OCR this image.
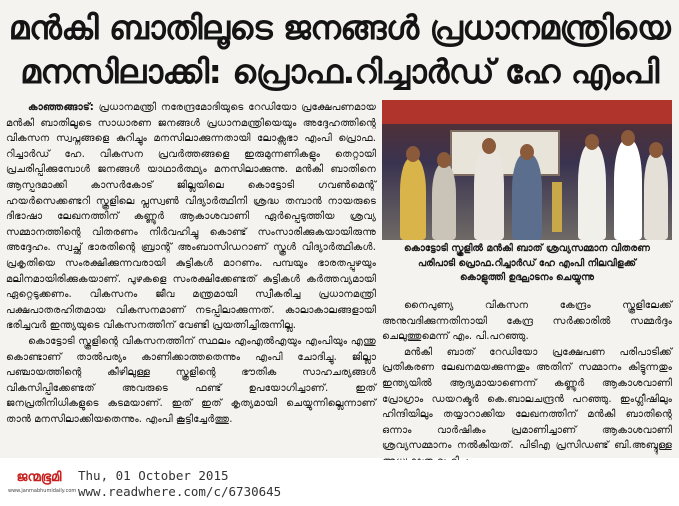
മൻകി ബാതിലൂടെ ജനങ്ങൾ പ്രധാനമന്ത്രിയെ
മനസിലാക്കി: പ്രൊഫ.റിച്ചാർഡ് ഹേ എംപി

കാഞ്ഞങ്ങാട്: പ്രധാനമന്ത്രി നരേന്ദ്രമോദിയുടെ റേഡിയോ പ്രക്ഷേപണമായ മൻകി ബാതിലൂടെ സാധാരണ ജനങ്ങൾ പ്രധാനമന്ത്രിയെയും അദ്ദേഹത്തിന്റെ വികസന സ്വപ്നങ്ങളെ കുറിച്ചും മനസിലാക്കുന്നതായി ലോക്സഭാ എംപി പ്രൊഫ. റിച്ചാർഡ് ഹേ. വികസന പ്രവർത്തങ്ങളെ ഇരുമുന്നണികളും തെറ്റായി പ്രചരിപ്പിക്കുമ്പോൾ ജനങ്ങൾ യാഥാർത്ഥ്യം മനസിലാക്കുന്നു. മൻകി ബാതിനെ ആസ്പദമാക്കി കാസർകോട് ജില്ലയിലെ കൊട്ടോടി ഗവൺമെന്റ് ഹയർസെക്കണ്ടറി സ്കൂളിലെ പ്ലസ്വൺ വിദ്യാർത്ഥിനി ശ്രദ്ധ തമ്പാൻ നായരുടെ ദിഭാഷാ ലേഖനത്തിന് കണ്ണൂർ ആകാശവാണി ഏർപ്പെടുത്തിയ ശ്രവ്യ സമ്മാനത്തിന്റെ വിതരണം നിർവഹിച്ചു കൊണ്ട് സംസാരിക്കുകയായിരുന്നു അദ്ദേഹം. സ്വച്ഛ് ഭാരതിന്റെ ബ്രാന്റ് അംബാസിഡറാണ് സ്കൂൾ വിദ്യാർത്ഥികൾ. പ്രകൃതിയെ സംരക്ഷിക്കുന്നവരായി കുട്ടികൾ മാറണം. പമ്പയും ഭാരതപ്പുഴയും മലിനമായിരിക്കുകയാണ്. പുഴകളെ സംരക്ഷിക്കേണ്ടത് കുട്ടികൾ കർത്തവ്യമായി ഏറ്റെടുക്കണം. വികസനം ജീവ മന്ത്രമായി സ്വീകരിച്ച പ്രധാനമന്ത്രി പക്ഷപാതരഹിതമായ വികസനമാണ് നടപ്പിലാക്കുന്നത്. കാലാകാലങ്ങളായി ഭരിച്ചവർ ഇന്ത്യയുടെ വികസനത്തിന് വേണ്ടി പ്രയത്നിച്ചിരുന്നില്ല.

കൊട്ടോടി സ്കൂളിന്റെ വികസനത്തിന് സ്ഥലം എംഎൽഎയും എംപിയും എന്തു കൊണ്ടാണ് താൽപര്യം കാണിക്കാത്തതെന്നും എംപി ചോദിച്ചു. ജില്ലാ പഞ്ചായത്തിന്റെ കീഴിലുള്ള സ്കൂളിന്റെ ഭൗതിക സാഹചര്യങ്ങൾ വികസിപ്പിക്കേണ്ടത് അവരുടെ ഫണ്ട് ഉപയോഗിച്ചാണ്. ഇത് ജനപ്രതിനിധികളുടെ കടമയാണ്. ഇത് ഇത് കൃത്യമായി ചെയ്യുന്നില്ലെന്നാണ് താൻ മനസിലാക്കിയതെന്നും. എംപി കൂട്ടിച്ചേർത്തു.

കൊട്ടോടി സ്കൂളിൽ മൻകി ബാത് ശ്രവ്യസമ്മാന വിതരണ
പരിപാടി പ്രൊഫ.റിച്ചാർഡ് ഹേ എംപി നിലവിളക്ക്
കൊളുത്തി ഉദ്ഘാടനം ചെയ്യുന്നു

നൈപുണ്യ വികസന കേന്ദ്രം സ്കൂളിലേക്ക് അനുവദിക്കുന്നതിനായി കേന്ദ്ര സർക്കാരിൽ സമ്മർദ്ദം ചെലുത്തുമെന്ന് എം. പി.പറഞ്ഞു.

മൻകി ബാത് റേഡിയോ പ്രക്ഷേപണ പരിപാടിക്ക് പ്രതികരണ ലേഖനമയക്കുന്നതും അതിന് സമ്മാനം കിട്ടുന്നതും ഇന്ത്യയിൽ ആദ്യമായാണെന്ന് കണ്ണൂർ ആകാശവാണി പ്രോഗ്രാം ഡയറക്ടർ കെ.ബാലചന്ദ്രൻ പറഞ്ഞു. ഇംഗ്ലീഷിലും ഹിന്ദിയിലും തയ്യാറാക്കിയ ലേഖനത്തിന് മൻകി ബാതിന്റെ ഒന്നാം വാർഷികം പ്രമാണിച്ചാണ് ആകാശവാണി ശ്രവ്യസമ്മാനം നൽകിയത്. പിടിഎ പ്രസിഡണ്ട് ബി.അബ്ദുള്ള

ജന്മഭൂമി
www.janmabhumidaily.com
Thu, 01 October 2015
www.readwhere.com/c/6730645
